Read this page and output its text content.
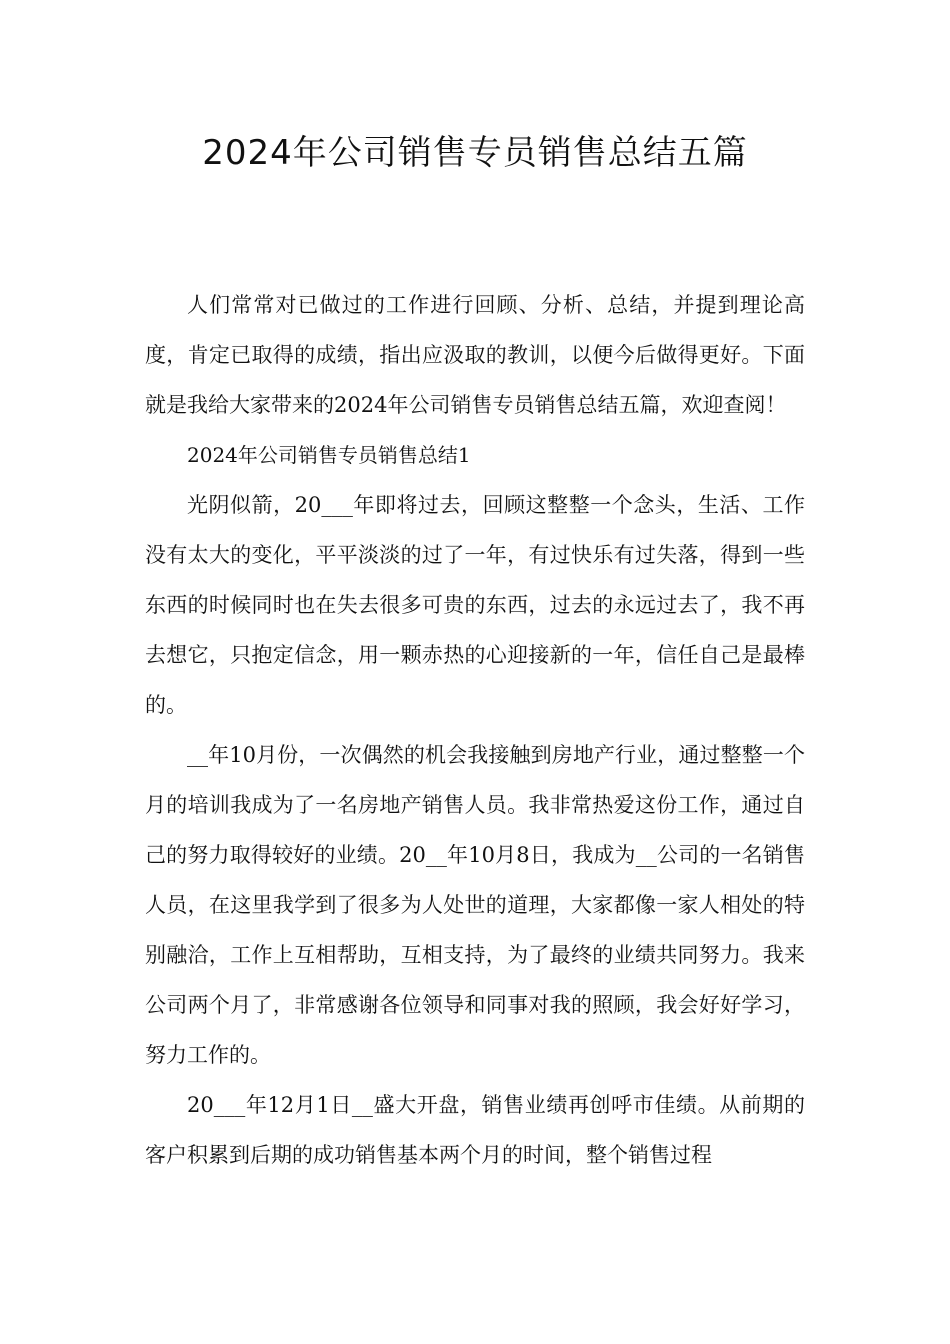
2024年公司销售专员销售总结五篇

人们常常对已做过的工作进行回顾、分析、总结，并提到理论高度，肯定已取得的成绩，指出应汲取的教训，以便今后做得更好。下面就是我给大家带来的2024年公司销售专员销售总结五篇，欢迎查阅！

2024年公司销售专员销售总结1

光阴似箭，20___年即将过去，回顾这整整一个念头，生活、工作没有太大的变化，平平淡淡的过了一年，有过快乐有过失落，得到一些东西的时候同时也在失去很多可贵的东西，过去的永远过去了，我不再去想它，只抱定信念，用一颗赤热的心迎接新的一年，信任自己是最棒的。

__年10月份，一次偶然的机会我接触到房地产行业，通过整整一个月的培训我成为了一名房地产销售人员。我非常热爱这份工作，通过自己的努力取得较好的业绩。20__年10月8日，我成为__公司的一名销售人员，在这里我学到了很多为人处世的道理，大家都像一家人相处的特别融洽，工作上互相帮助，互相支持，为了最终的业绩共同努力。我来公司两个月了，非常感谢各位领导和同事对我的照顾，我会好好学习，努力工作的。

20___年12月1日__盛大开盘，销售业绩再创呼市佳绩。从前期的客户积累到后期的成功销售基本两个月的时间，整个销售过程
